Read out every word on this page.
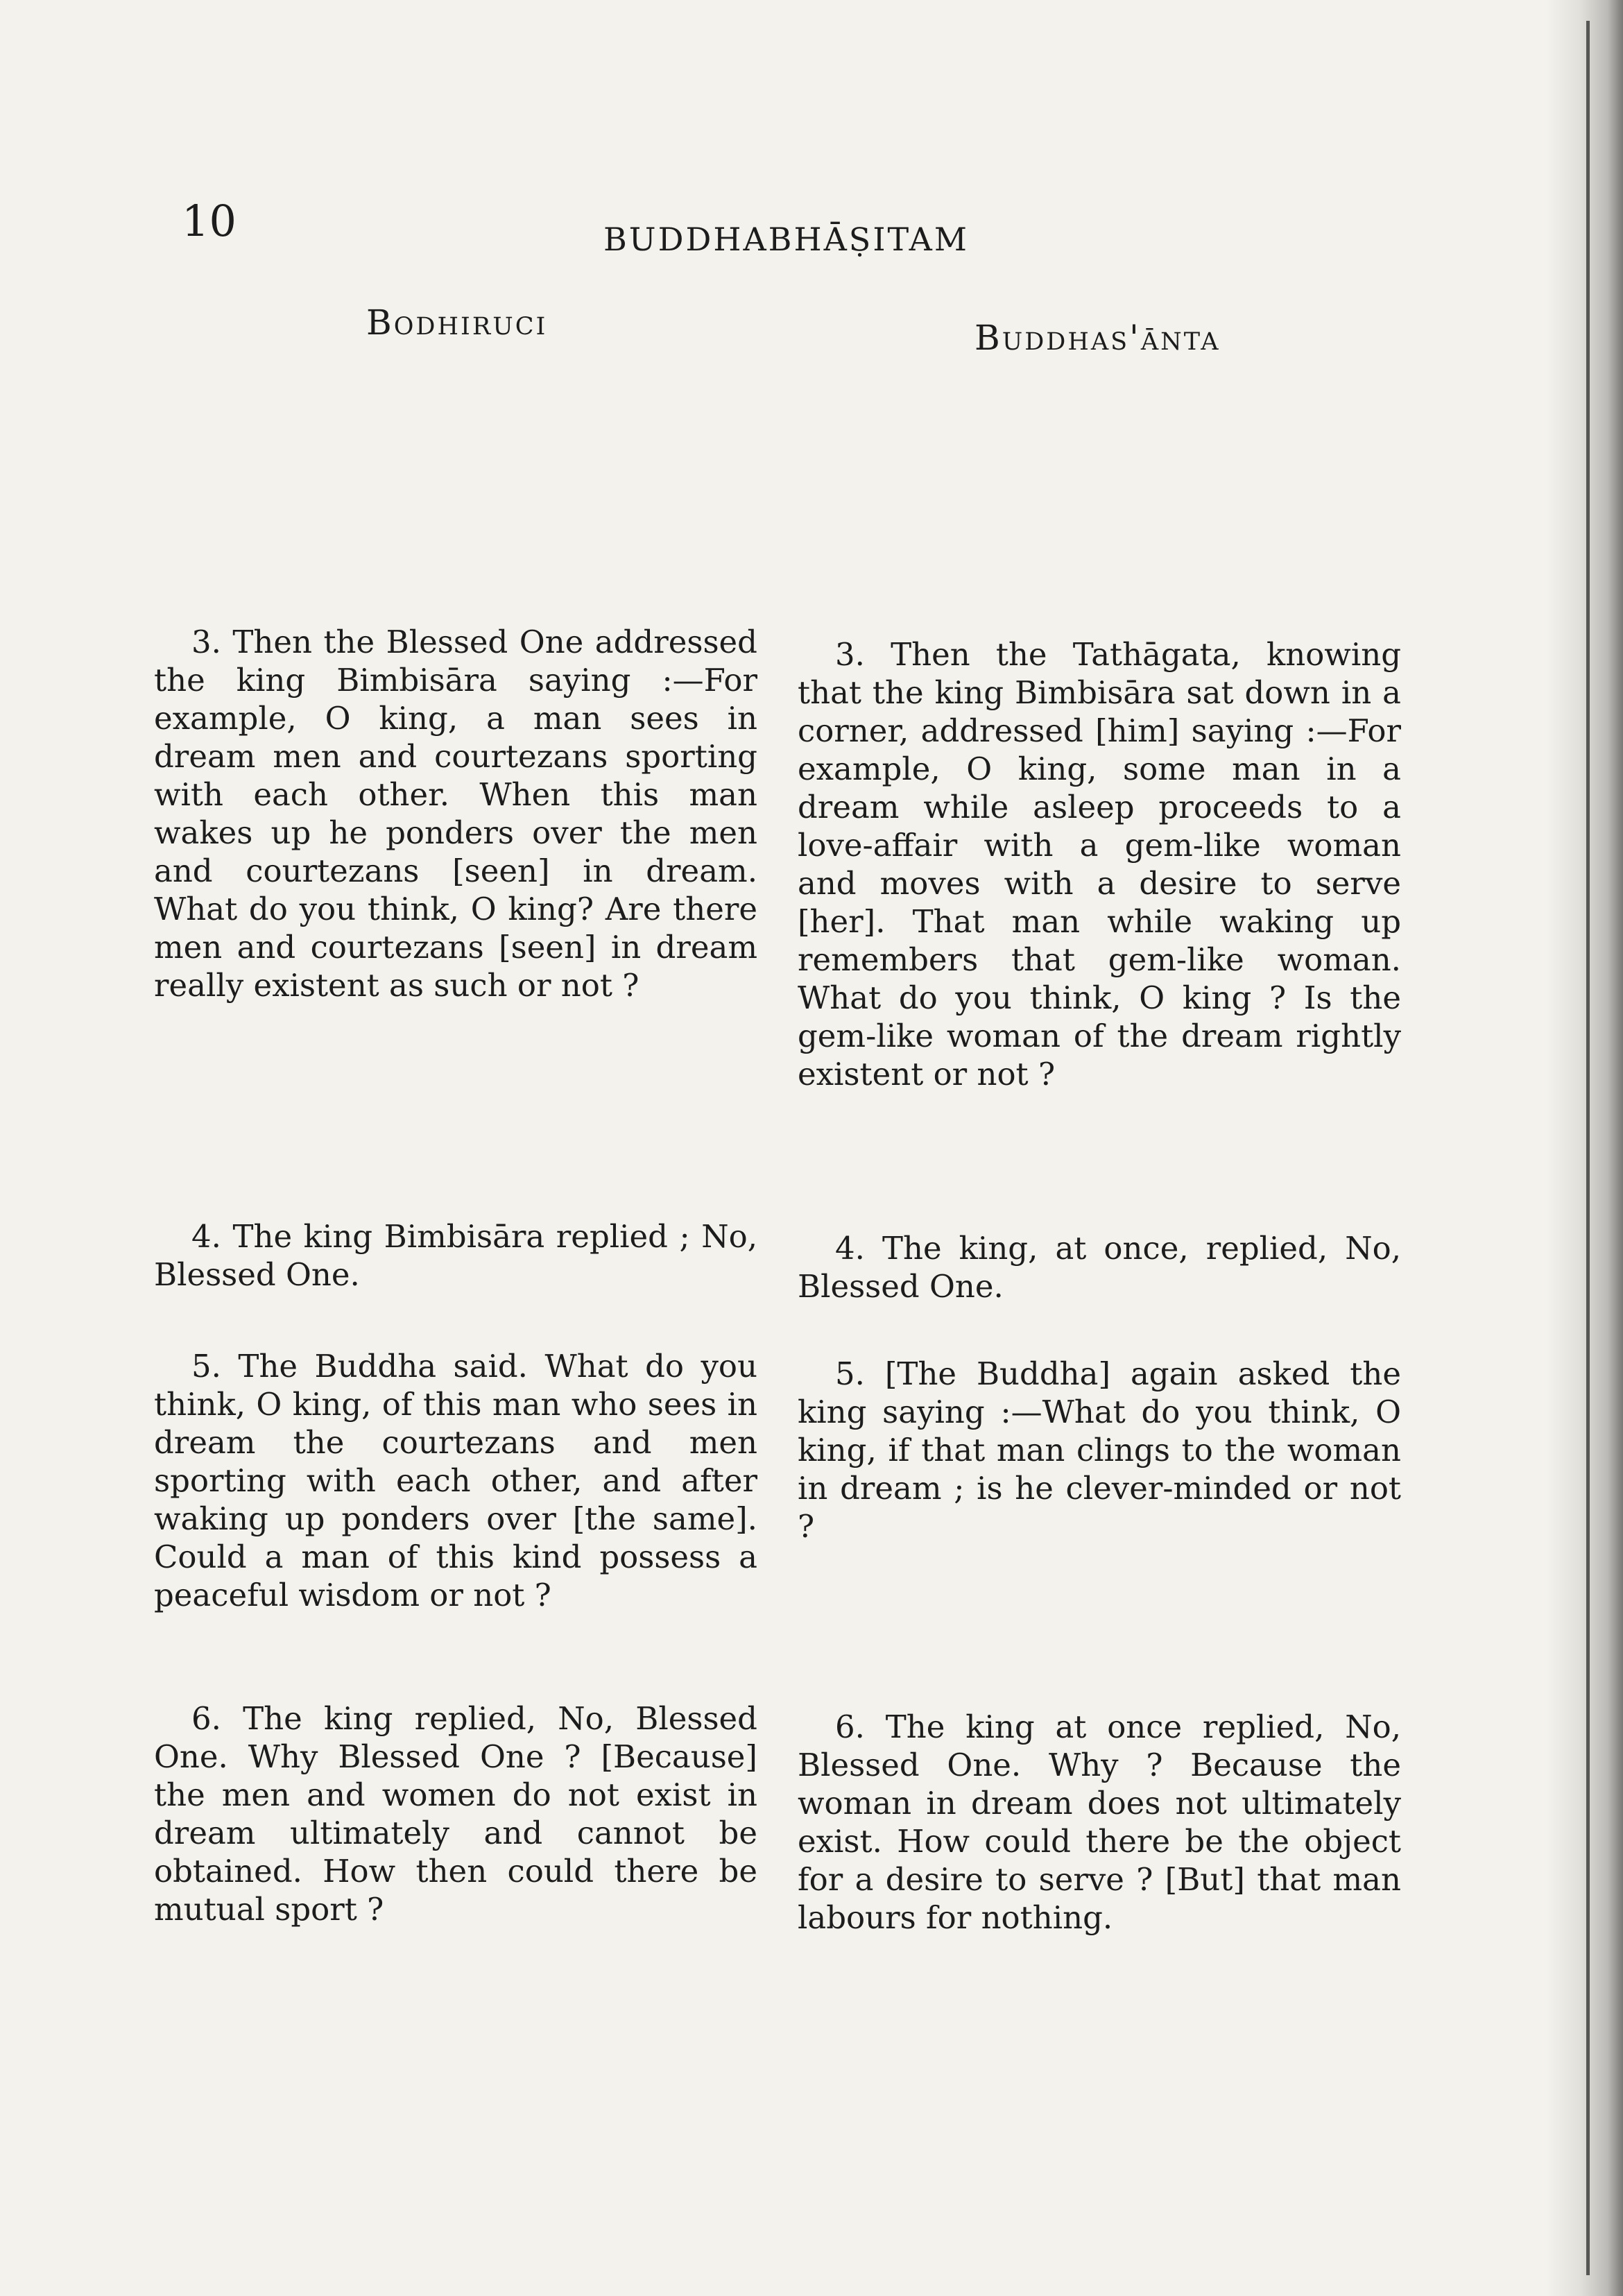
10	BUDDHABHĀṢITAM

Bodhiruci	Buddhas'ānta

3. Then the Blessed One addressed the king Bimbisāra saying :—For example, O king, a man sees in dream men and courtezans sporting with each other. When this man wakes up he ponders over the men and courtezans [seen] in dream. What do you think, O king? Are there men and courtezans [seen] in dream really existent as such or not ?

3. Then the Tathāgata, knowing that the king Bimbisāra sat down in a corner, addressed [him] saying :—For example, O king, some man in a dream while asleep proceeds to a love-affair with a gem-like woman and moves with a desire to serve [her]. That man while waking up remembers that gem-like woman. What do you think, O king ? Is the gem-like woman of the dream rightly existent or not ?

4. The king Bimbisāra replied ; No, Blessed One.

4. The king, at once, replied, No, Blessed One.

5. The Buddha said. What do you think, O king, of this man who sees in dream the courtezans and men sporting with each other, and after waking up ponders over [the same]. Could a man of this kind possess a peaceful wisdom or not ?

5. [The Buddha] again asked the king saying :—What do you think, O king, if that man clings to the woman in dream ; is he clever-minded or not ?

6. The king replied, No, Blessed One. Why Blessed One ? [Because] the men and women do not exist in dream ultimately and cannot be obtained. How then could there be mutual sport ?

6. The king at once replied, No, Blessed One. Why ? Because the woman in dream does not ultimately exist. How could there be the object for a desire to serve ? [But] that man labours for nothing.
